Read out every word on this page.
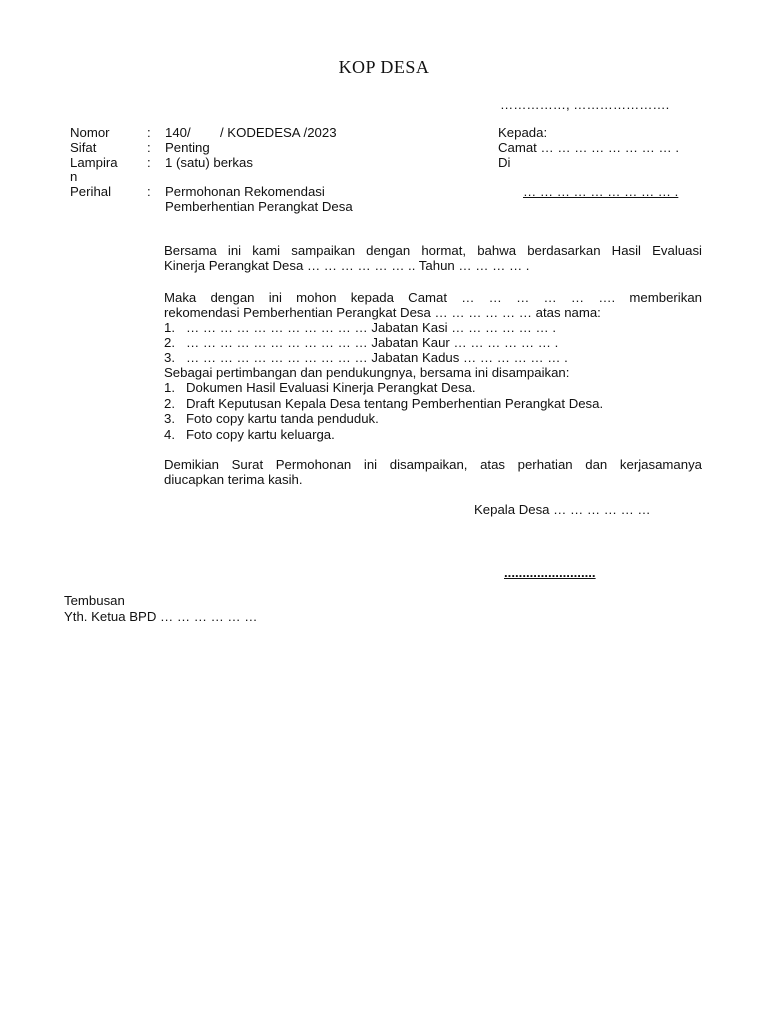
KOP DESA
……………, ………………….
Nomor	: 140/        / KODEDESA /2023
Sifat	: Penting
Lampira
n
: 1 (satu) berkas
Perihal	: Permohonan Rekomendasi
Pemberhentian Perangkat Desa
Kepada:
Camat … … … … … … … … .
Di
… … … … … … … … … .
Bersama ini kami sampaikan dengan hormat, bahwa berdasarkan Hasil Evaluasi
Kinerja Perangkat Desa … … … … … … .. Tahun … … … … .
Maka dengan ini mohon kepada Camat … … … … … …. memberikan
rekomendasi Pemberhentian Perangkat Desa … … … … … … atas nama:
1. … … … … … … … … … … … Jabatan Kasi … … … … … … .
2. … … … … … … … … … … … Jabatan Kaur … … … … … … .
3. … … … … … … … … … … … Jabatan Kadus … … … … … … .
Sebagai pertimbangan dan pendukungnya, bersama ini disampaikan:
1. Dokumen Hasil Evaluasi Kinerja Perangkat Desa.
2. Draft Keputusan Kepala Desa tentang Pemberhentian Perangkat Desa.
3. Foto copy kartu tanda penduduk.
4. Foto copy kartu keluarga.
Demikian Surat Permohonan ini disampaikan, atas perhatian dan kerjasamanya
diucapkan terima kasih.
Kepala Desa … … … … … …
.........................
Tembusan
Yth. Ketua BPD … … … … … …
